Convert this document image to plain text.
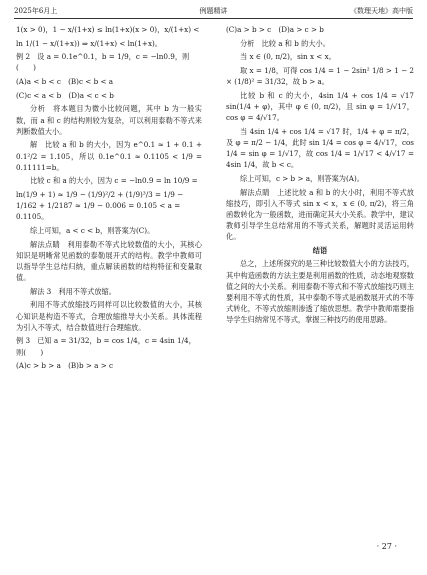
2025年6月上	例题精讲	《数理天地》高中版

1(x > 0)，1 − x/(1+x) ≤ ln(1+x)(x > 0)，x/(1+x) <

ln 1/(1 − x/(1+x)) ⇒ x/(1+x) < ln(1+x)。

例 2　设 a = 0.1e^0.1，b = 1/9，c = −ln0.9，则(　　)

(A)a < b < c　(B)c < b < a

(C)c < a < b　(D)a < c < b

分析　将本题目为微小比较问题，其中 b 为一般实数，而 a 和 c 的结构则较为复杂，可以利用泰勒不等式来判断数值大小。

解　比较 a 和 b 的大小，因为 e^0.1 ≈ 1 + 0.1 + 0.1²/2 = 1.105，所以 0.1e^0.1 ≈ 0.1105 < 1/9 = 0.11111=b。

比较 c 和 a 的大小，因为 c = −ln0.9 = ln 10/9 =

ln(1/9 + 1) ≈ 1/9 − (1/9)²/2 + (1/9)³/3 = 1/9 − 1/162 + 1/2187 ≈ 1/9 − 0.006 = 0.105 < a = 0.1105。

综上可知，a < c < b，则答案为(C)。

解法点睛　利用泰勒不等式比较数值的大小，其核心知识是明晰常见函数的泰勒展开式的结构。教学中教师可以指导学生总结归纳，重点解读函数的结构特征和变量取值。

解法 3　利用不等式放缩。

利用不等式放缩技巧同样可以比较数值的大小，其核心知识是构造不等式，合理放缩推导大小关系。具体流程为引入不等式，结合数值进行合理缩放。

例 3　已知 a = 31/32，b = cos 1/4，c = 4sin 1/4，则(　　)

(A)c > b > a　(B)b > a > c

(C)a > b > c　(D)a > c > b

分析　比较 a 和 b 的大小。

当 x ∈ (0, π/2)，sin x < x。

取 x = 1/8，可得 cos 1/4 = 1 − 2sin² 1/8 > 1 − 2 × (1/8)² = 31/32，故 b > a。

比较 b 和 c 的大小，4sin 1/4 + cos 1/4 = √17 sin(1/4 + φ)，其中 φ ∈ (0, π/2)，且 sin φ = 1/√17，cos φ = 4/√17。

当 4sin 1/4 + cos 1/4 = √17 时，1/4 + φ = π/2，及 φ = π/2 − 1/4，此时 sin 1/4 = cos φ = 4/√17，cos 1/4 = sin φ = 1/√17，故 cos 1/4 = 1/√17 < 4/√17 = 4sin 1/4，故 b < c。

综上可知，c > b > a，则答案为(A)。

解法点睛　上述比较 a 和 b 的大小时，利用不等式放缩技巧，即引入不等式 sin x < x，x ∈ (0, π/2)，将三角函数转化为一般函数，进而确定其大小关系。教学中，建议教师引导学生总结常用的不等式关系，解题时灵活运用转化。

结语

总之，上述所探究的是三种比较数值大小的方法技巧，其中构造函数的方法主要是利用函数的性质，动态地观察数值之间的大小关系。利用泰勒不等式和不等式放缩技巧则主要利用不等式的性质，其中泰勒不等式是函数展开式的不等式转化，不等式放缩则渗透了缩放思想。教学中教师需要指导学生归纳常见不等式，掌握三种技巧的使用思路。

· 27 ·
